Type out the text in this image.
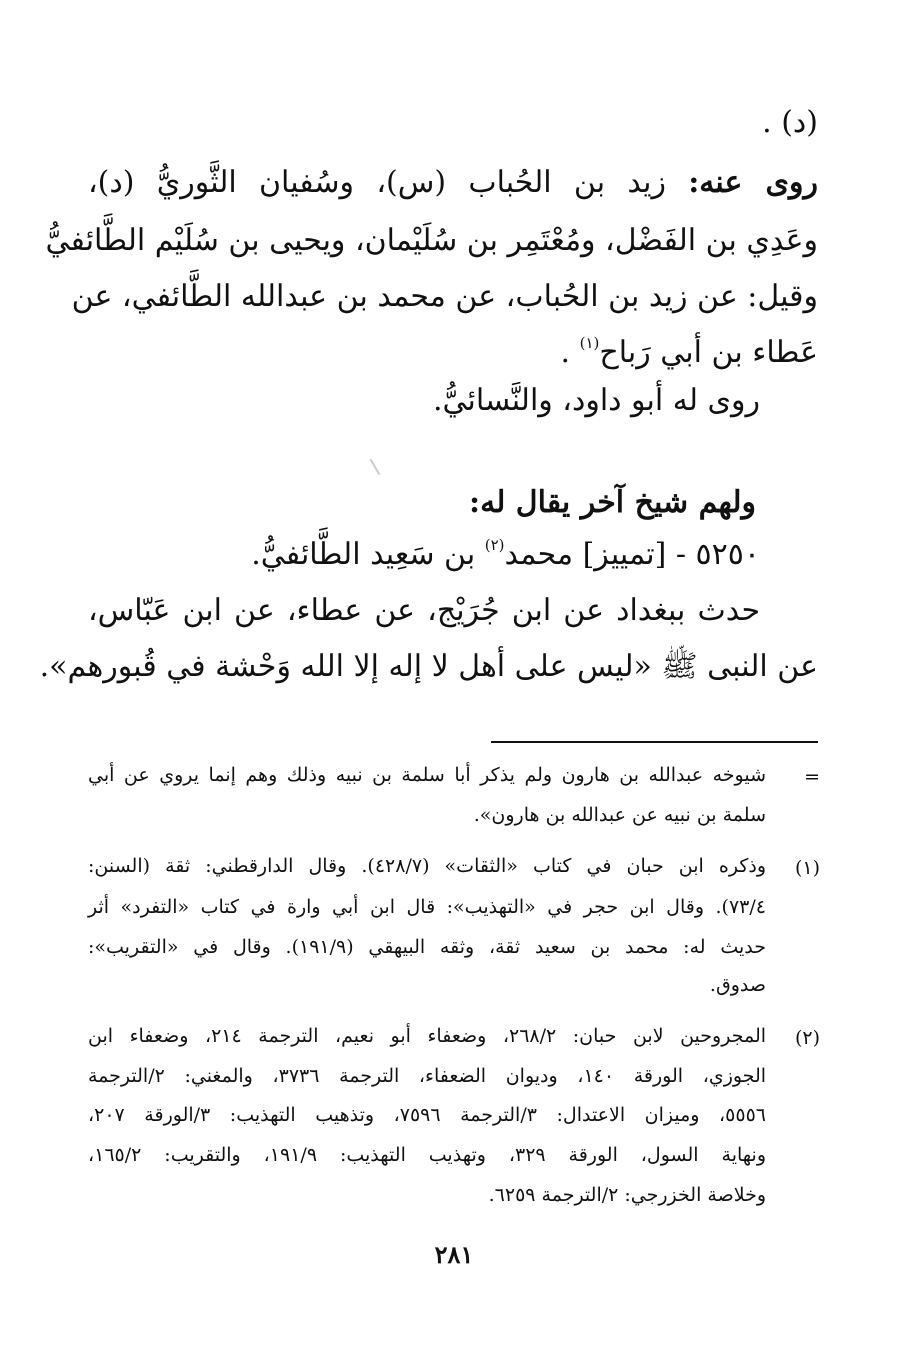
(د) .
روى عنه: زيد بن الحُباب (س)، وسُفيان الثَّوريُّ (د)،
وعَدِي بن الفَضْل، ومُعْتَمِر بن سُلَيْمان، ويحيى بن سُلَيْم الطَّائفيُّ
وقيل: عن زيد بن الحُباب، عن محمد بن عبدالله الطَّائفي، عن
عَطاء بن أبي رَباح$^{(١)}$ .
روى له أبو داود، والنَّسائيُّ.
ولهم شيخ آخر يقال له:
٥٢٥٠ - [تمييز] محمد$^{(٢)}$ بن سَعِيد الطَّائفيُّ.
حدث ببغداد عن ابن جُرَيْج، عن عطاء، عن ابن عَبّاس،
عن النبى ﷺ «ليس على أهل لا إله إلا الله وَحْشة في قُبورهم».
=
شيوخه عبدالله بن هارون ولم يذكر أبا سلمة بن نبيه وذلك وهم إنما يروي عن أبي
سلمة بن نبيه عن عبدالله بن هارون».
(١)
وذكره ابن حبان في كتاب «الثقات» (٤٢٨/٧). وقال الدارقطني: ثقة (السنن:
٧٣/٤). وقال ابن حجر في «التهذيب»: قال ابن أبي وارة في كتاب «التفرد» أثر
حديث له: محمد بن سعيد ثقة، وثقه البيهقي (١٩١/٩). وقال في «التقريب»:
صدوق.
(٢)
المجروحين لابن حبان: ٢٦٨/٢، وضعفاء أبو نعيم، الترجمة ٢١٤، وضعفاء ابن
الجوزي، الورقة ١٤٠، وديوان الضعفاء، الترجمة ٣٧٣٦، والمغني: ٢/الترجمة
٥٥٥٦، وميزان الاعتدال: ٣/الترجمة ٧٥٩٦، وتذهيب التهذيب: ٣/الورقة ٢٠٧،
ونهاية السول، الورقة ٣٢٩، وتهذيب التهذيب: ١٩١/٩، والتقريب: ١٦٥/٢،
وخلاصة الخزرجي: ٢/الترجمة ٦٢٥٩.
٢٨١
